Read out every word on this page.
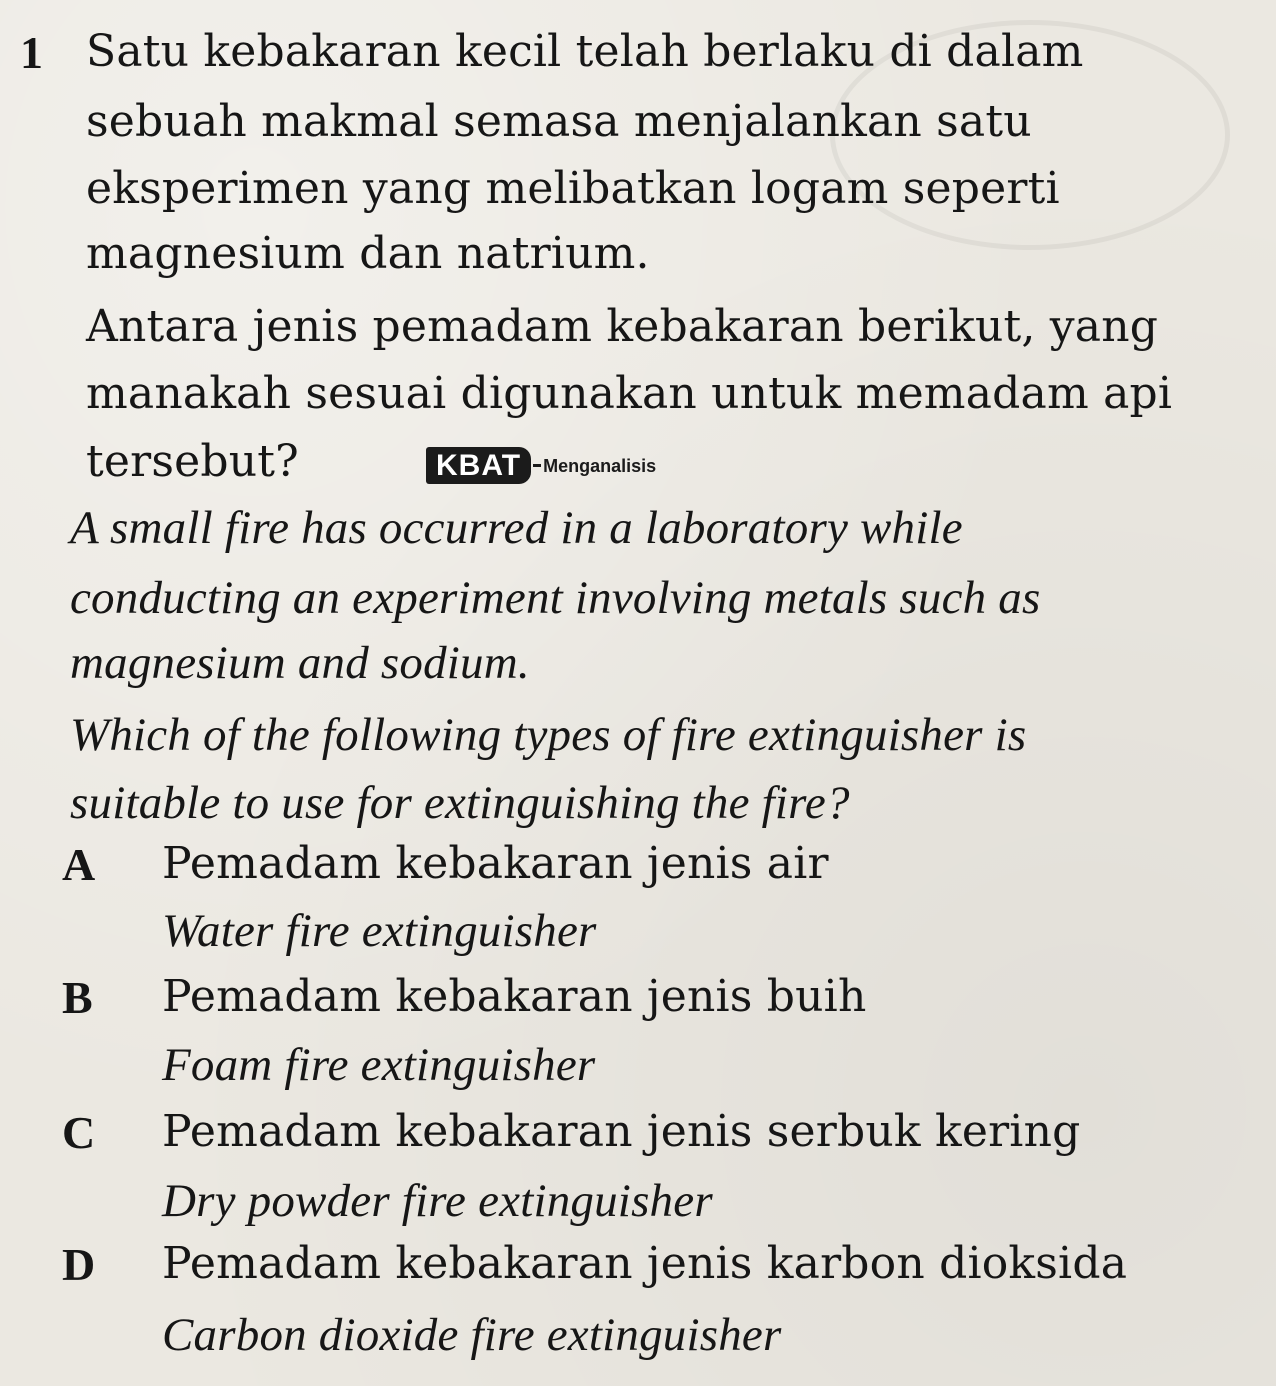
1 Satu kebakaran kecil telah berlaku di dalam
sebuah makmal semasa menjalankan satu
eksperimen yang melibatkan logam seperti
magnesium dan natrium.
Antara jenis pemadam kebakaran berikut, yang
manakah sesuai digunakan untuk memadam api
tersebut?	KBAT	Menganalisis
A small fire has occurred in a laboratory while
conducting an experiment involving metals such as
magnesium and sodium.
Which of the following types of fire extinguisher is
suitable to use for extinguishing the fire?
A Pemadam kebakaran jenis air
Water fire extinguisher
B Pemadam kebakaran jenis buih
Foam fire extinguisher
C Pemadam kebakaran jenis serbuk kering
Dry powder fire extinguisher
D Pemadam kebakaran jenis karbon dioksida
Carbon dioxide fire extinguisher
